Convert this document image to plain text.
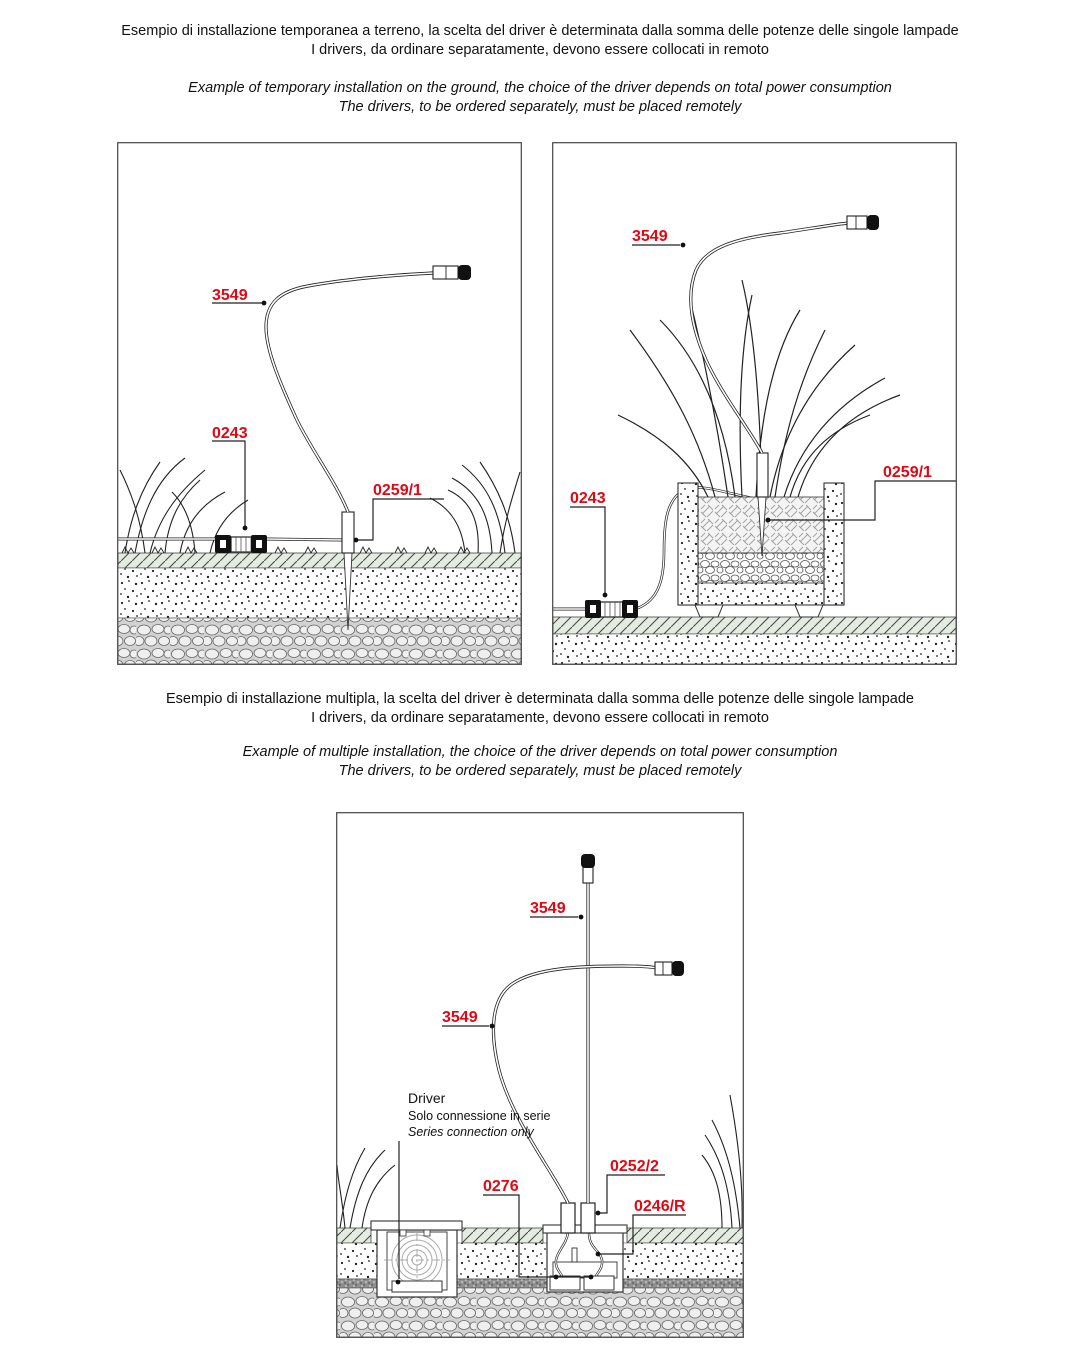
Esempio di installazione temporanea a terreno, la scelta del driver è determinata dalla somma delle potenze delle singole lampade
I drivers, da ordinare separatamente, devono essere collocati in remoto
Example of temporary installation on the ground, the choice of the driver depends on total power consumption
The drivers, to be ordered separately, must be placed remotely
3549
0243
0259/1
3549
0243
0259/1
Esempio di installazione multipla, la scelta del driver è determinata dalla somma delle potenze delle singole lampade
I drivers, da ordinare separatamente, devono essere collocati in remoto
Example of multiple installation, the choice of the driver depends on total power consumption
The drivers, to be ordered separately, must be placed remotely
Driver
Solo connessione in serie
Series connection only
3549
3549
0276
0252/2
0246/R
